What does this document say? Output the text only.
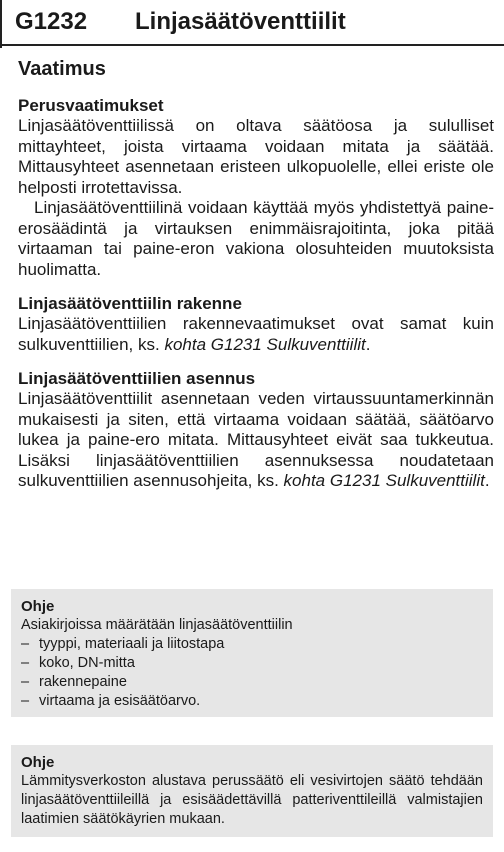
G1232 Linjasäätöventtiilit
Vaatimus
Perusvaatimukset

Linjasäätöventtiilissä on oltava säätöosa ja sululliset mittayhteet, joista virtaama voidaan mitata ja säätää. Mittausyhteet asennetaan eristeen ulkopuolelle, ellei eriste ole helposti irrotettavissa.

Linjasäätöventtiilinä voidaan käyttää myös yhdistettyä paine-erosäädintä ja virtauksen enimmäisrajoitinta, joka pitää virtaaman tai paine-eron vakiona olosuhteiden muutoksista huolimatta.

Linjasäätöventtiilin rakenne

Linjasäätöventtiilien rakennevaatimukset ovat samat kuin sulkuventtiilien, ks. kohta G1231 Sulkuventtiilit.

Linjasäätöventtiilien asennus

Linjasäätöventtiilit asennetaan veden virtaussuuntamerkinnän mukaisesti ja siten, että virtaama voidaan säätää, säätöarvo lukea ja paine-ero mitata. Mittausyhteet eivät saa tukkeutua. Lisäksi linjasäätöventtiilien asennuksessa noudatetaan sulkuventtiilien asennusohjeita, ks. kohta G1231 Sulkuventtiilit.

Ohje
Asiakirjoissa määrätään linjasäätöventtiilin
– tyyppi, materiaali ja liitostapa
– koko, DN-mitta
– rakennepaine
– virtaama ja esisäätöarvo.
Ohje
Lämmitysverkoston alustava perussäätö eli vesivirtojen säätö tehdään linjasäätöventtiileillä ja esisäädettävillä patteriventtileillä valmistajien laatimien säätökäyrien mukaan.
